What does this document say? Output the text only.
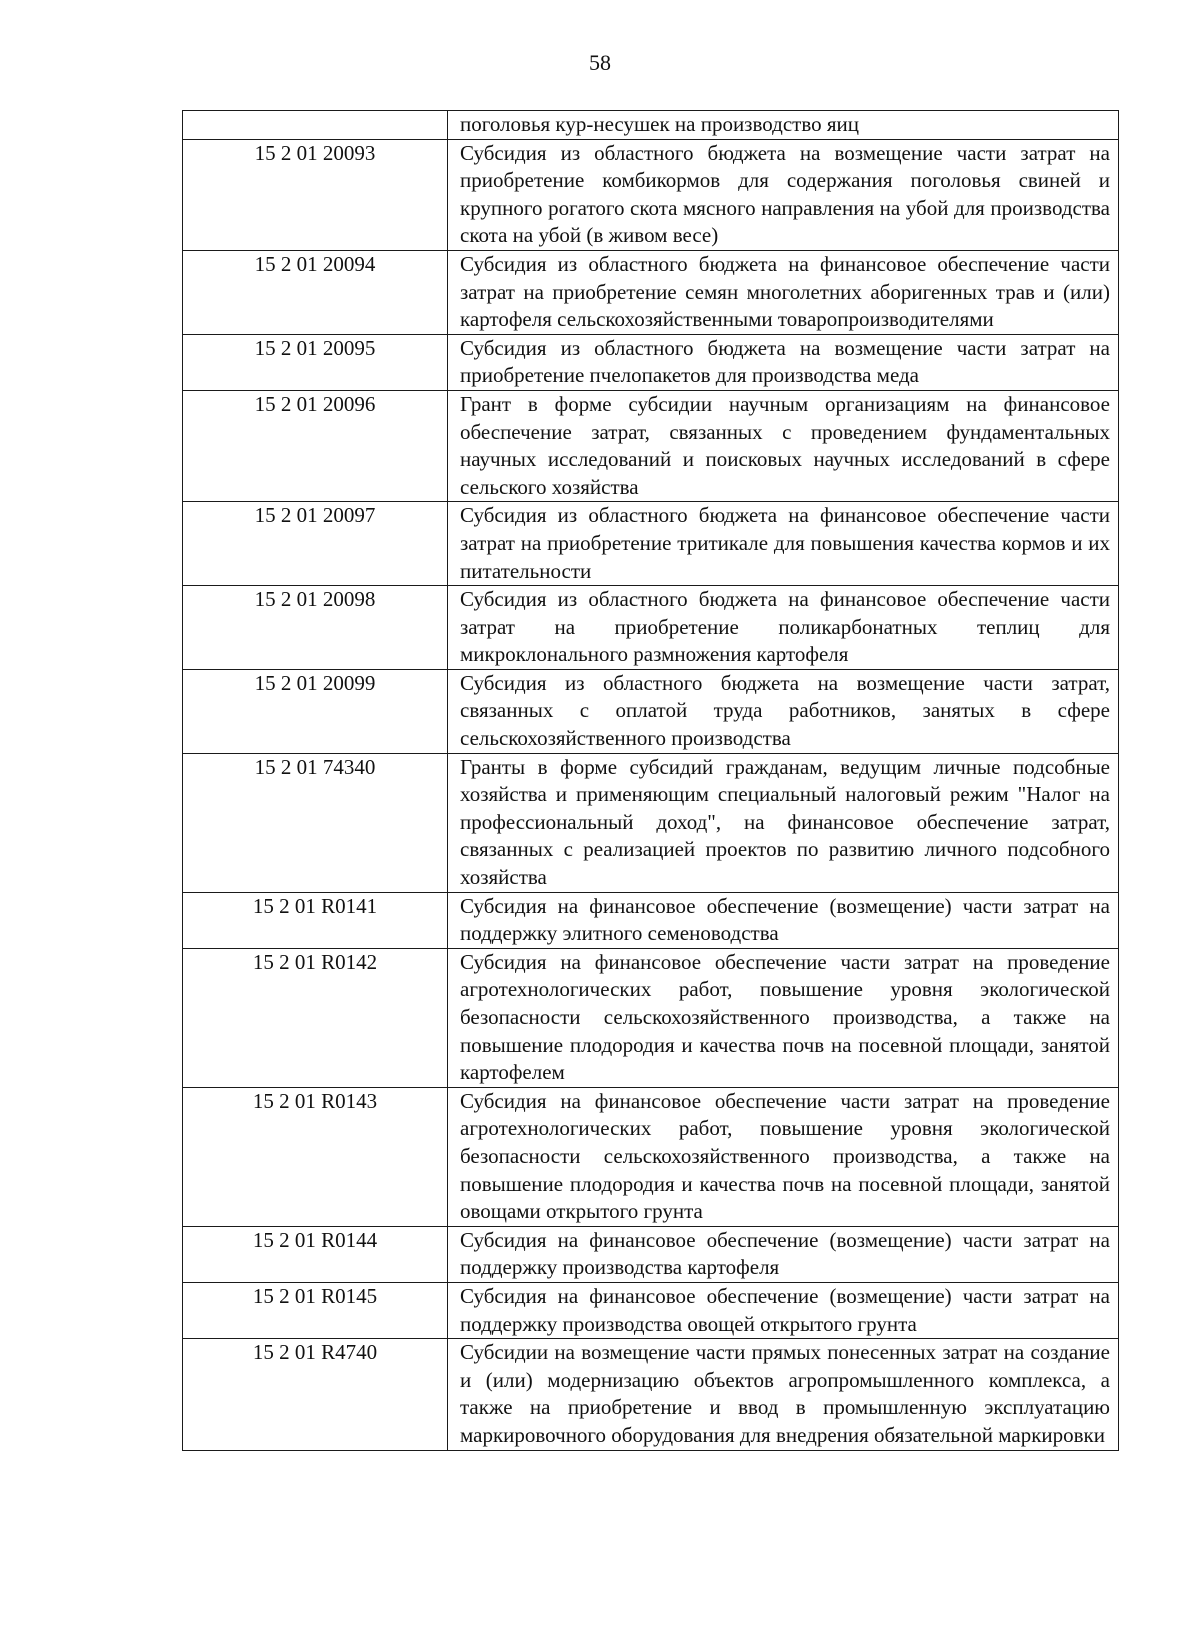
58
	поголовья кур-несушек на производство яиц
15 2 01 20093	Субсидия из областного бюджета на возмещение части затрат на приобретение комбикормов для содержания поголовья свиней и крупного рогатого скота мясного направления на убой для производства скота на убой (в живом весе)
15 2 01 20094	Субсидия из областного бюджета на финансовое обеспечение части затрат на приобретение семян многолетних аборигенных трав и (или) картофеля сельскохозяйственными товаропроизводителями
15 2 01 20095	Субсидия из областного бюджета на возмещение части затрат на приобретение пчелопакетов для производства меда
15 2 01 20096	Грант в форме субсидии научным организациям на финансовое обеспечение затрат, связанных с проведением фундаментальных научных исследований и поисковых научных исследований в сфере сельского хозяйства
15 2 01 20097	Субсидия из областного бюджета на финансовое обеспечение части затрат на приобретение тритикале для повышения качества кормов и их питательности
15 2 01 20098	Субсидия из областного бюджета на финансовое обеспечение части затрат на приобретение поликарбонатных теплиц для микроклонального размножения картофеля
15 2 01 20099	Субсидия из областного бюджета на возмещение части затрат, связанных с оплатой труда работников, занятых в сфере сельскохозяйственного производства
15 2 01 74340	Гранты в форме субсидий гражданам, ведущим личные подсобные хозяйства и применяющим специальный налоговый режим "Налог на профессиональный доход", на финансовое обеспечение затрат, связанных с реализацией проектов по развитию личного подсобного хозяйства
15 2 01 R0141	Субсидия на финансовое обеспечение (возмещение) части затрат на поддержку элитного семеноводства
15 2 01 R0142	Субсидия на финансовое обеспечение части затрат на проведение агротехнологических работ, повышение уровня экологической безопасности сельскохозяйственного производства, а также на повышение плодородия и качества почв на посевной площади, занятой картофелем
15 2 01 R0143	Субсидия на финансовое обеспечение части затрат на проведение агротехнологических работ, повышение уровня экологической безопасности сельскохозяйственного производства, а также на повышение плодородия и качества почв на посевной площади, занятой овощами открытого грунта
15 2 01 R0144	Субсидия на финансовое обеспечение (возмещение) части затрат на поддержку производства картофеля
15 2 01 R0145	Субсидия на финансовое обеспечение (возмещение) части затрат на поддержку производства овощей открытого грунта
15 2 01 R4740	Субсидии на возмещение части прямых понесенных затрат на создание и (или) модернизацию объектов агропромышленного комплекса, а также на приобретение и ввод в промышленную эксплуатацию маркировочного оборудования для внедрения обязательной маркировки
